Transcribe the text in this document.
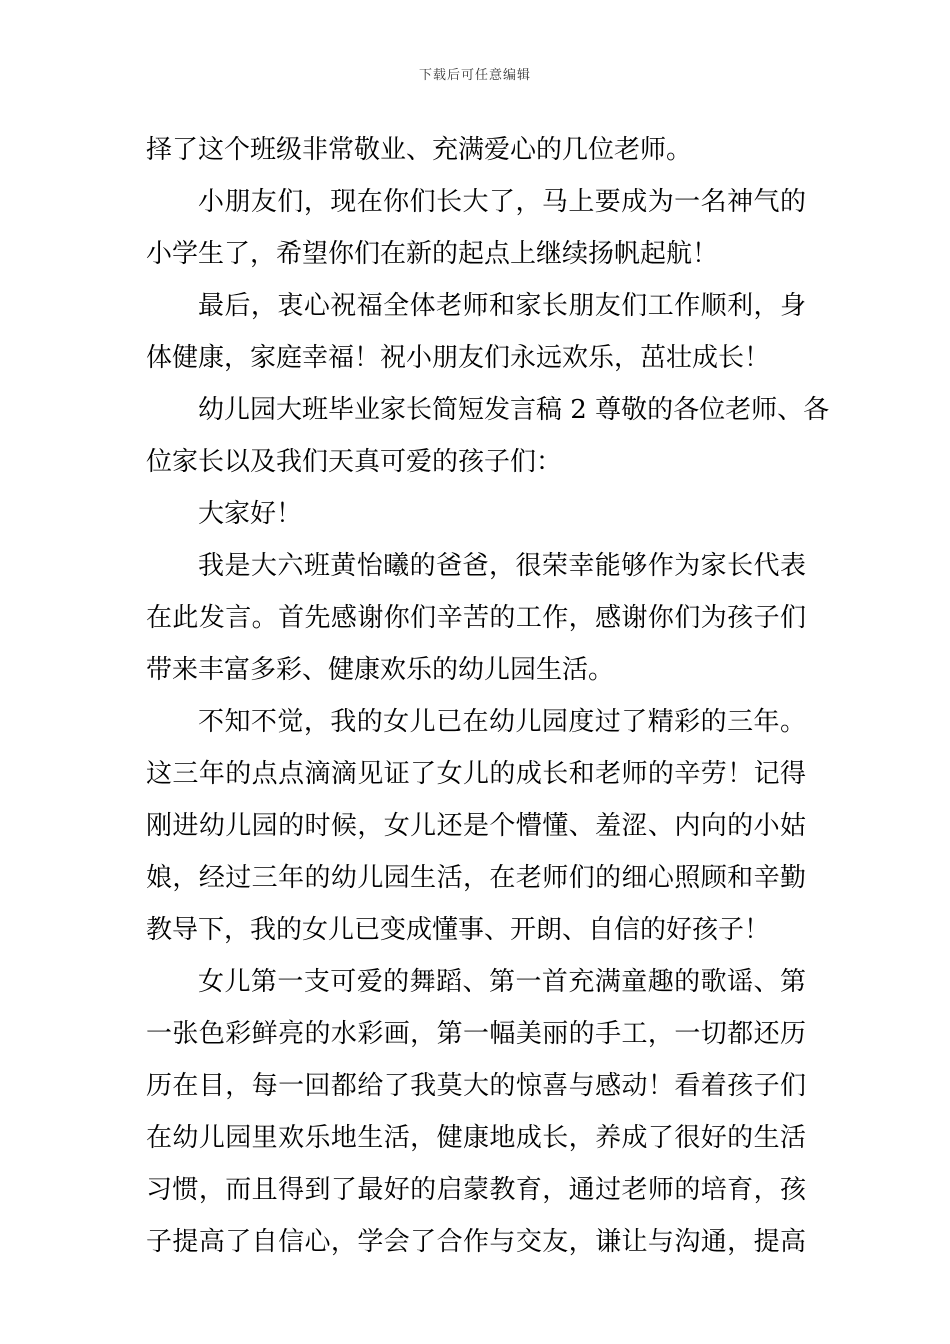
下载后可任意编辑
择了这个班级非常敬业、充满爱心的几位老师。
小朋友们，现在你们长大了，马上要成为一名神气的
小学生了，希望你们在新的起点上继续扬帆起航！
最后，衷心祝福全体老师和家长朋友们工作顺利，身
体健康，家庭幸福！祝小朋友们永远欢乐，茁壮成长！
幼儿园大班毕业家长简短发言稿 2 尊敬的各位老师、各
位家长以及我们天真可爱的孩子们：
大家好！
我是大六班黄怡曦的爸爸，很荣幸能够作为家长代表
在此发言。首先感谢你们辛苦的工作，感谢你们为孩子们
带来丰富多彩、健康欢乐的幼儿园生活。
不知不觉，我的女儿已在幼儿园度过了精彩的三年。
这三年的点点滴滴见证了女儿的成长和老师的辛劳！记得
刚进幼儿园的时候，女儿还是个懵懂、羞涩、内向的小姑
娘，经过三年的幼儿园生活，在老师们的细心照顾和辛勤
教导下，我的女儿已变成懂事、开朗、自信的好孩子！
女儿第一支可爱的舞蹈、第一首充满童趣的歌谣、第
一张色彩鲜亮的水彩画，第一幅美丽的手工，一切都还历
历在目，每一回都给了我莫大的惊喜与感动！看着孩子们
在幼儿园里欢乐地生活，健康地成长，养成了很好的生活
习惯，而且得到了最好的启蒙教育，通过老师的培育，孩
子提高了自信心，学会了合作与交友，谦让与沟通，提高
